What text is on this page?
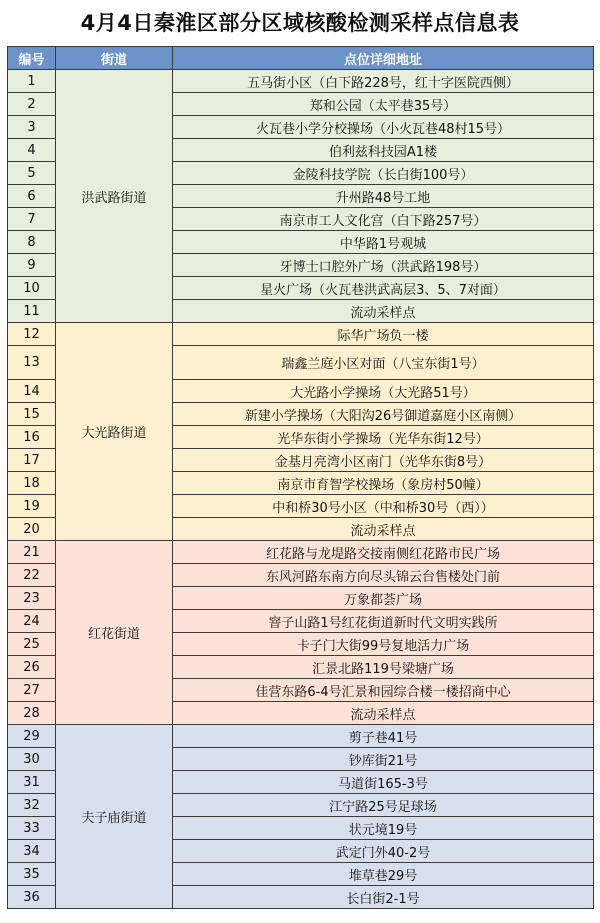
4月4日秦淮区部分区域核酸检测采样点信息表
编号	街道	点位详细地址
1	洪武路街道	五马街小区（白下路228号，红十字医院西侧）
2		郑和公园（太平巷35号）
3		火瓦巷小学分校操场（小火瓦巷48村15号）
4		伯利兹科技园A1楼
5		金陵科技学院（长白街100号）
6		升州路48号工地
7		南京市工人文化宫（白下路257号）
8		中华路1号观城
9		牙博士口腔外广场（洪武路198号）
10		星火广场（火瓦巷洪武高层3、5、7对面）
11		流动采样点
12	大光路街道	际华广场负一楼
13		瑞鑫兰庭小区对面（八宝东街1号）
14		大光路小学操场（大光路51号）
15		新建小学操场（大阳沟26号御道嘉庭小区南侧）
16		光华东街小学操场（光华东街12号）
17		金基月亮湾小区南门（光华东街8号）
18		南京市育智学校操场（象房村50幢）
19		中和桥30号小区（中和桥30号（西））
20		流动采样点
21	红花街道	红花路与龙堤路交接南侧红花路市民广场
22		东风河路东南方向尽头锦云台售楼处门前
23		万象都荟广场
24		窨子山路1号红花街道新时代文明实践所
25		卡子门大街99号复地活力广场
26		汇景北路119号梁塘广场
27		佳营东路6-4号汇景和园综合楼一楼招商中心
28		流动采样点
29	夫子庙街道	剪子巷41号
30		钞库街21号
31		马道街165-3号
32		江宁路25号足球场
33		状元境19号
34		武定门外40-2号
35		堆草巷29号
36		长白街2-1号
